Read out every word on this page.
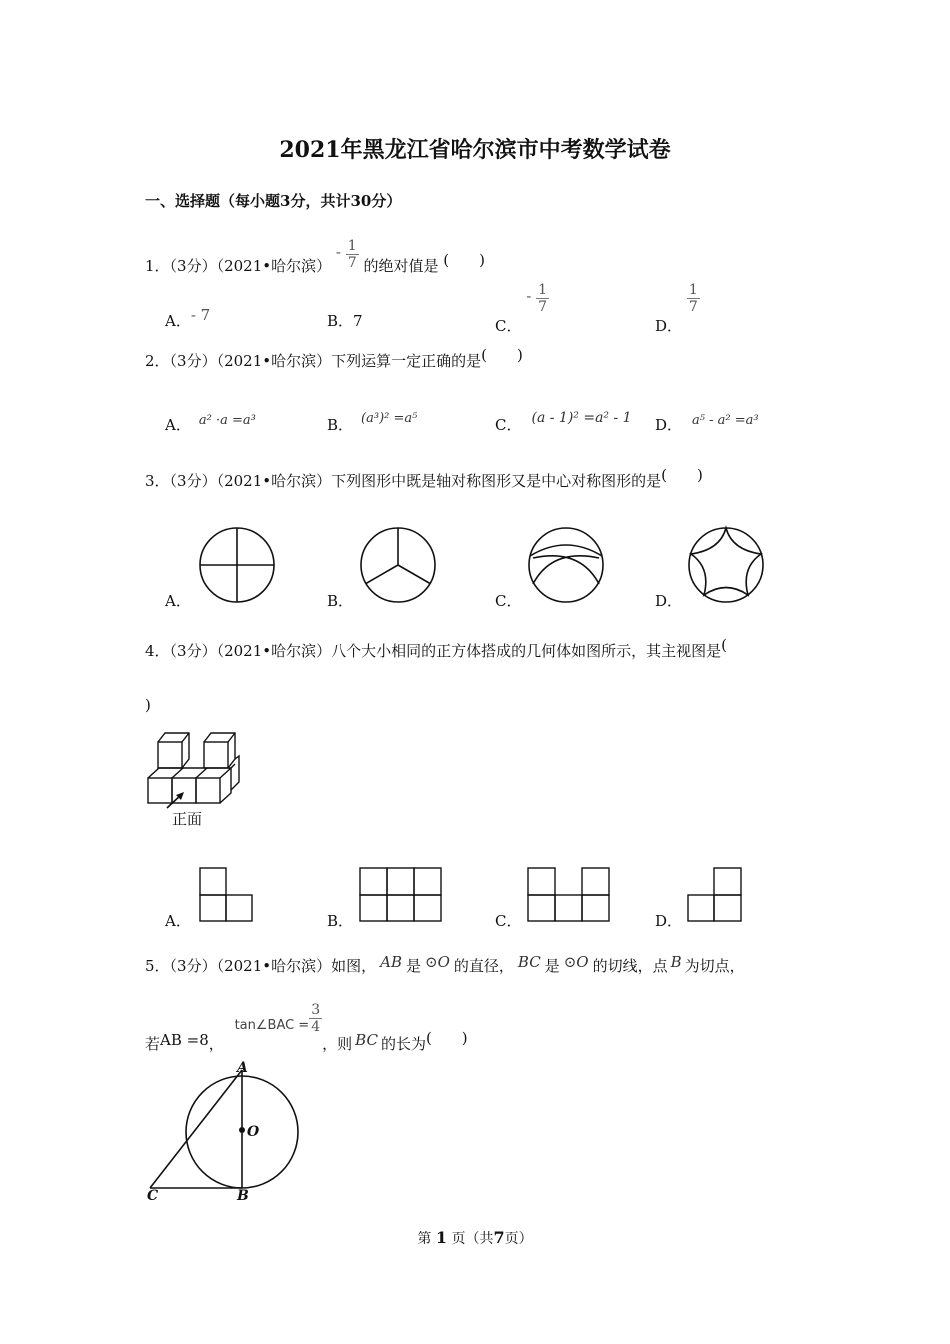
2021年黑龙江省哈尔滨市中考数学试卷
一、选择题（每小题3分，共计30分）
1．（3分）（2021•哈尔滨） - $\frac{1}{7}$ 的绝对值是 (　　)
A．- 7	B．7	C． - $\frac{1}{7}$
D．
$\frac{1}{7}$
2．（3分）（2021•哈尔滨）下列运算一定正确的是(　　)
A． a² ·a =a³	B． (a³)² =a⁵	C． (a - 1)² =a² - 1 D． a⁵ - a² =a³
3．（3分）（2021•哈尔滨）下列图形中既是轴对称图形又是中心对称图形的是(　　)
A．	B．	C．	D．
4．（3分）（2021•哈尔滨）八个大小相同的正方体搭成的几何体如图所示，其主视图是(
)
正面
A．	B．	C．	D．
5．（3分）（2021•哈尔滨）如图， AB 是 ⊙O 的直径， BC 是 ⊙O 的切线，点 B 为切点，
若AB =8， tan∠BAC = $\frac{3}{4}$
，则 BC 的长为(　　)
A
O
C	B
第 1 页（共7页）
